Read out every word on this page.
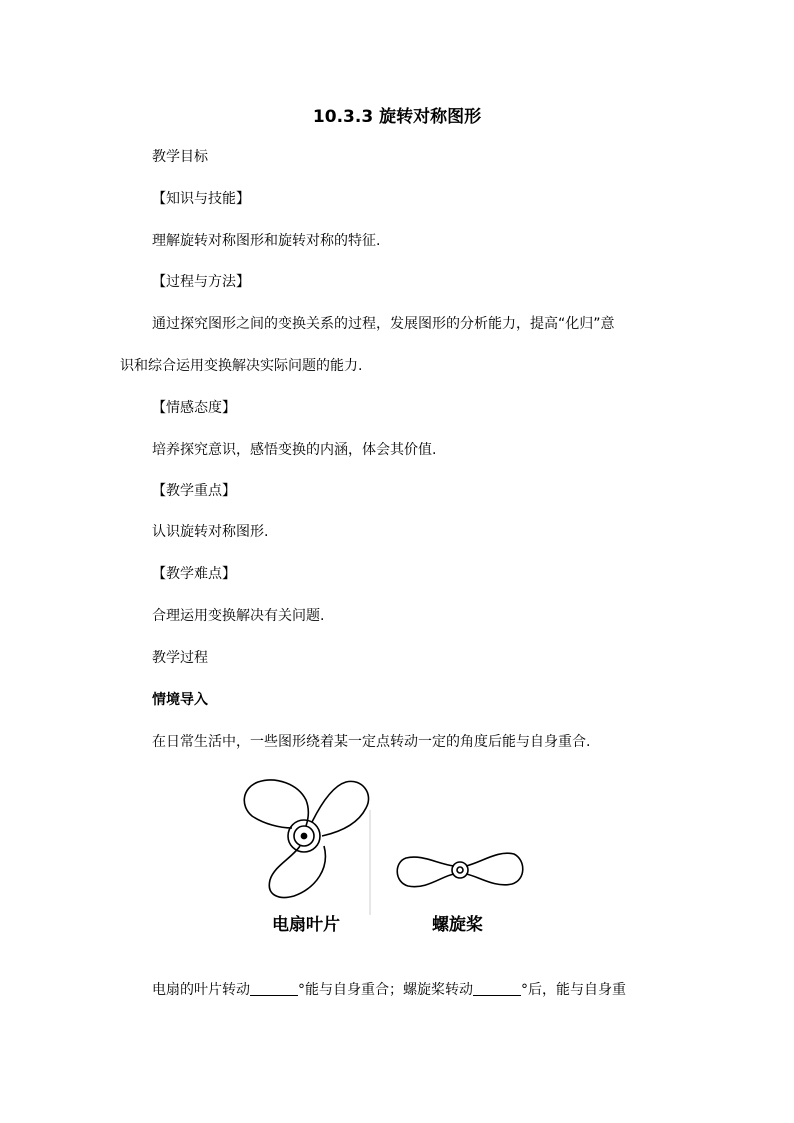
10.3.3 旋转对称图形
教学目标
【知识与技能】
理解旋转对称图形和旋转对称的特征.
【过程与方法】
通过探究图形之间的变换关系的过程，发展图形的分析能力，提高“化归”意
识和综合运用变换解决实际问题的能力.
【情感态度】
培养探究意识，感悟变换的内涵，体会其价值.
【教学重点】
认识旋转对称图形.
【教学难点】
合理运用变换解决有关问题.
教学过程
情境导入
在日常生活中，一些图形绕着某一定点转动一定的角度后能与自身重合.
电扇叶片	螺旋桨
电扇的叶片转动	°能与自身重合；螺旋桨转动	°后，能与自身重
